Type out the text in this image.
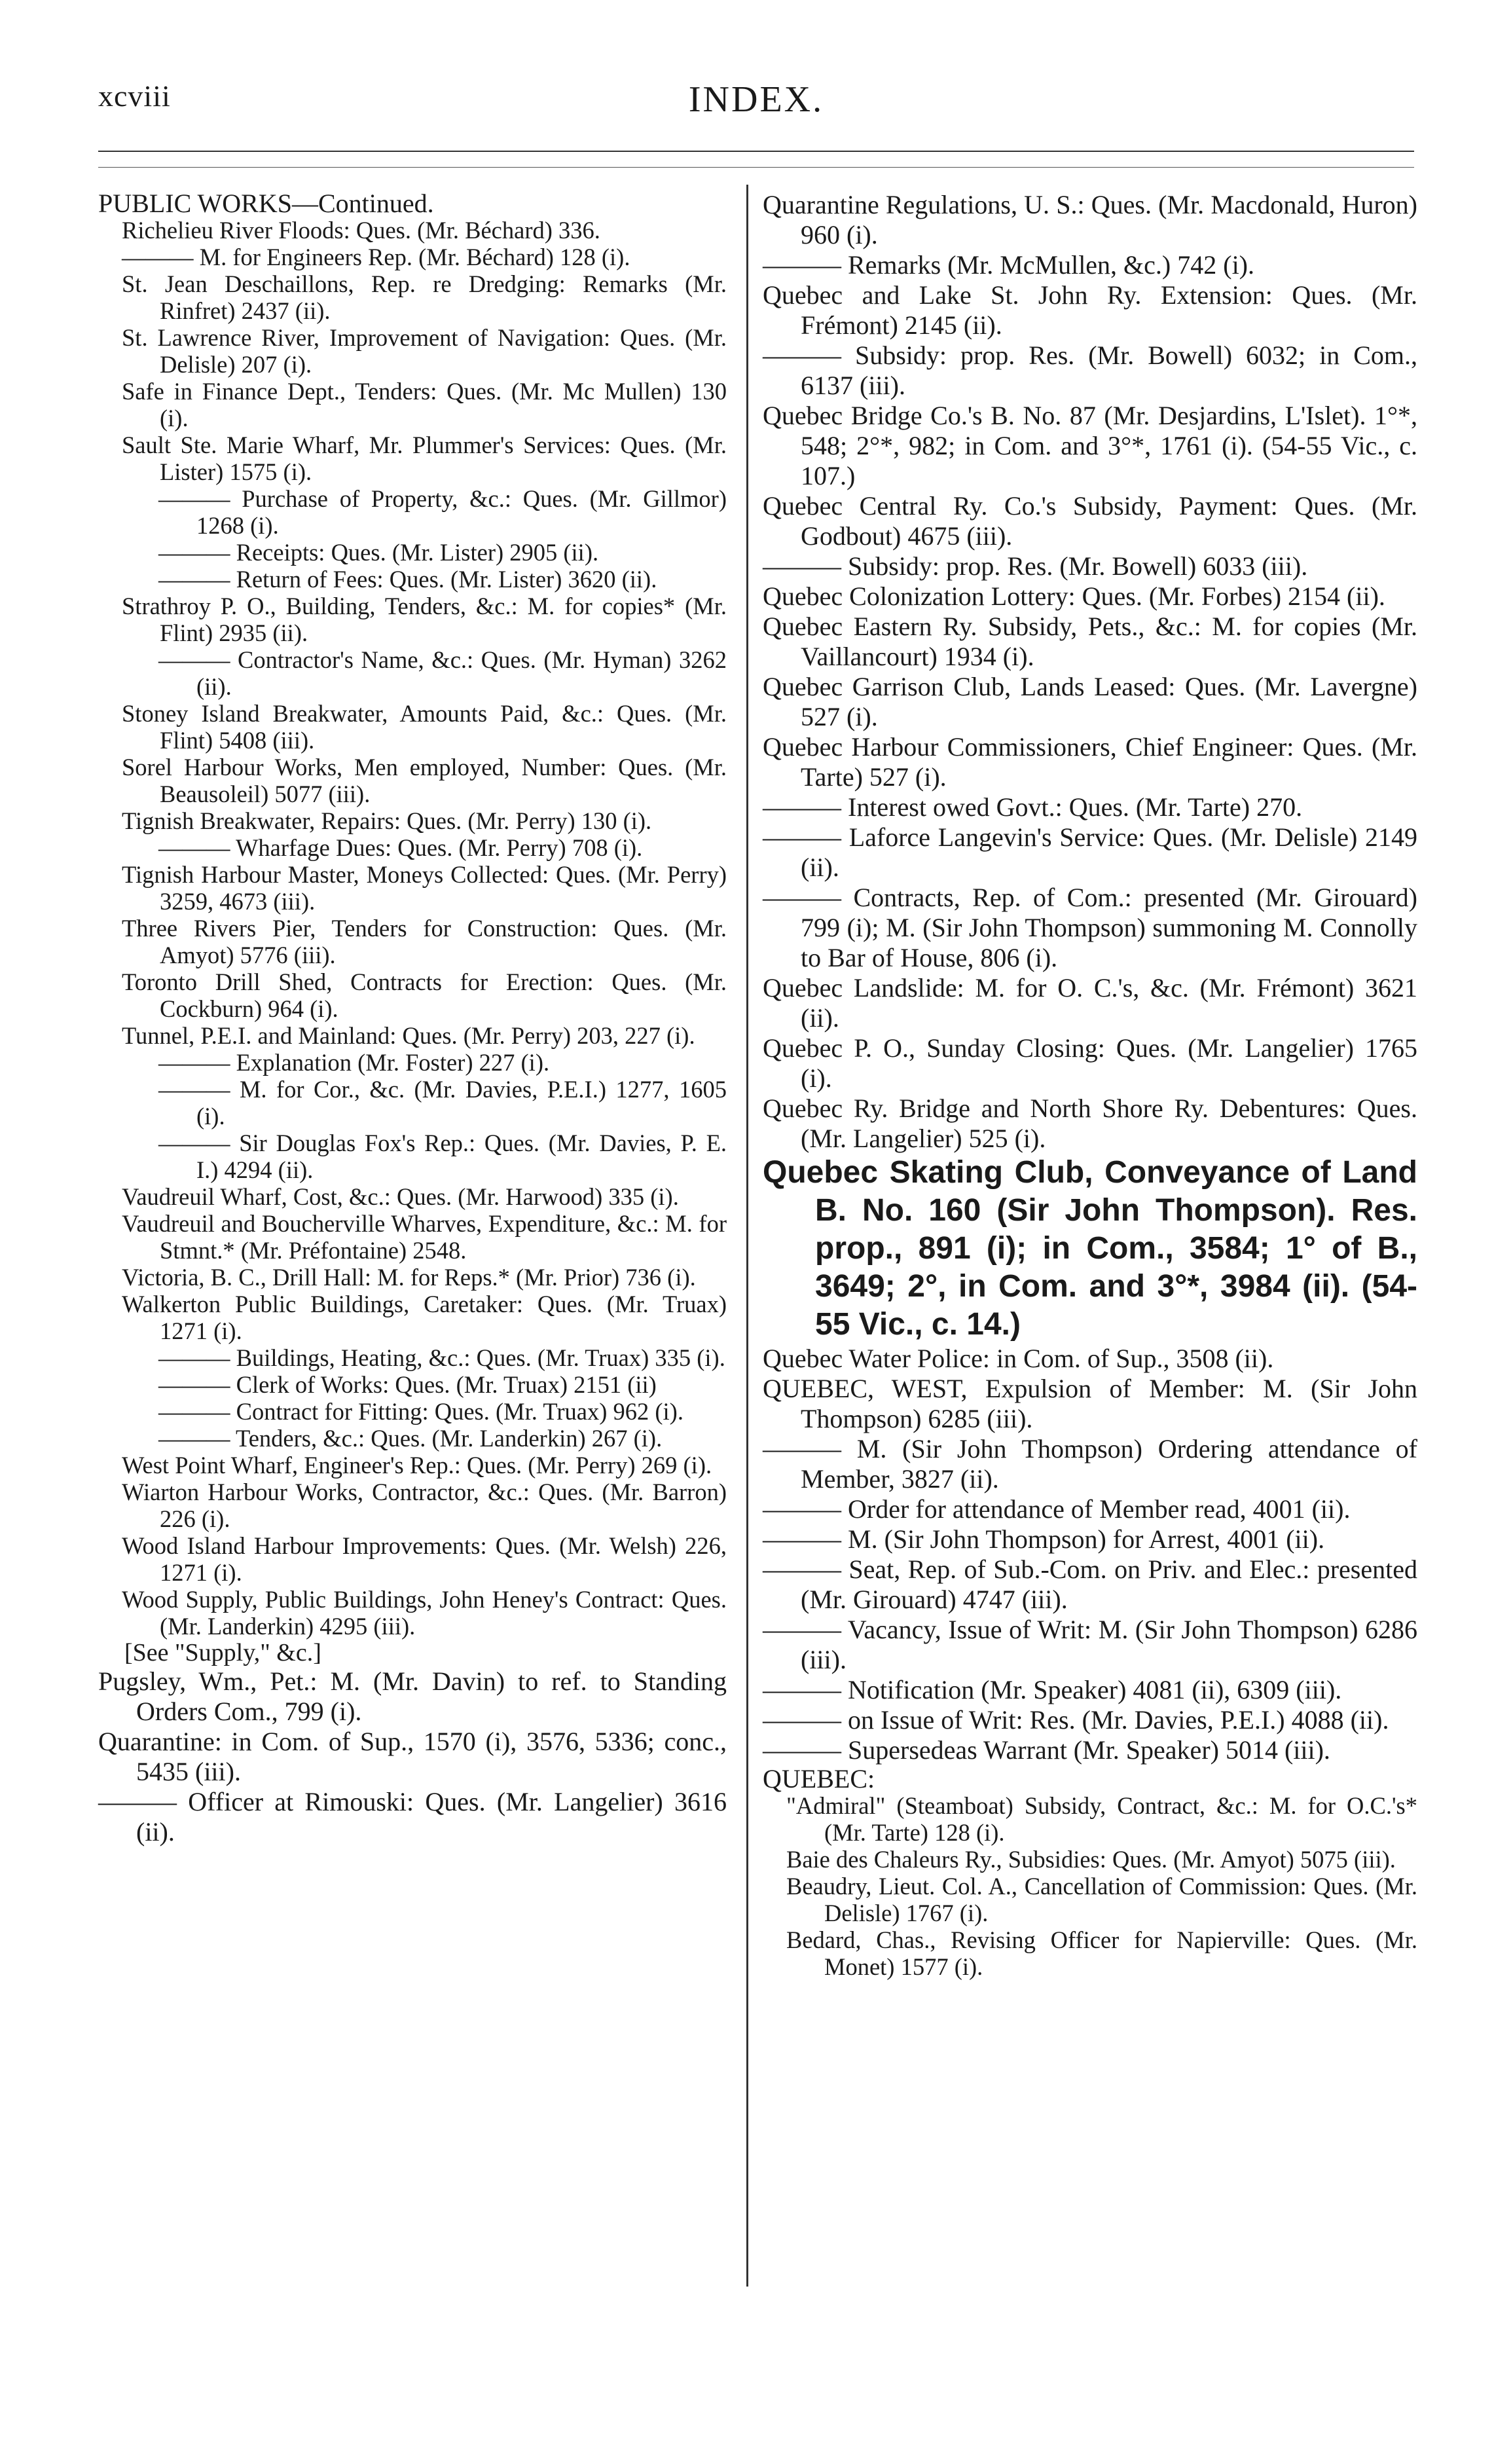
xcviii	INDEX.

PUBLIC WORKS—Continued.

Richelieu River Floods: Ques. (Mr. Béchard) 336.

——— M. for Engineers Rep. (Mr. Béchard) 128 (i).

St. Jean Deschaillons, Rep. re Dredging: Remarks (Mr. Rinfret) 2437 (ii).

St. Lawrence River, Improvement of Navigation: Ques. (Mr. Delisle) 207 (i).

Safe in Finance Dept., Tenders: Ques. (Mr. Mc Mullen) 130 (i).

Sault Ste. Marie Wharf, Mr. Plummer's Services: Ques. (Mr. Lister) 1575 (i).

——— Purchase of Property, &c.: Ques. (Mr. Gillmor) 1268 (i).

——— Receipts: Ques. (Mr. Lister) 2905 (ii).

——— Return of Fees: Ques. (Mr. Lister) 3620 (ii).

Strathroy P. O., Building, Tenders, &c.: M. for copies* (Mr. Flint) 2935 (ii).

——— Contractor's Name, &c.: Ques. (Mr. Hyman) 3262 (ii).

Stoney Island Breakwater, Amounts Paid, &c.: Ques. (Mr. Flint) 5408 (iii).

Sorel Harbour Works, Men employed, Number: Ques. (Mr. Beausoleil) 5077 (iii).

Tignish Breakwater, Repairs: Ques. (Mr. Perry) 130 (i).

——— Wharfage Dues: Ques. (Mr. Perry) 708 (i).

Tignish Harbour Master, Moneys Collected: Ques. (Mr. Perry) 3259, 4673 (iii).

Three Rivers Pier, Tenders for Construction: Ques. (Mr. Amyot) 5776 (iii).

Toronto Drill Shed, Contracts for Erection: Ques. (Mr. Cockburn) 964 (i).

Tunnel, P.E.I. and Mainland: Ques. (Mr. Perry) 203, 227 (i).

——— Explanation (Mr. Foster) 227 (i).

——— M. for Cor., &c. (Mr. Davies, P.E.I.) 1277, 1605 (i).

——— Sir Douglas Fox's Rep.: Ques. (Mr. Davies, P. E. I.) 4294 (ii).

Vaudreuil Wharf, Cost, &c.: Ques. (Mr. Harwood) 335 (i).

Vaudreuil and Boucherville Wharves, Expenditure, &c.: M. for Stmnt.* (Mr. Préfontaine) 2548.

Victoria, B. C., Drill Hall: M. for Reps.* (Mr. Prior) 736 (i).

Walkerton Public Buildings, Caretaker: Ques. (Mr. Truax) 1271 (i).

——— Buildings, Heating, &c.: Ques. (Mr. Truax) 335 (i).

——— Clerk of Works: Ques. (Mr. Truax) 2151 (ii)

——— Contract for Fitting: Ques. (Mr. Truax) 962 (i).

——— Tenders, &c.: Ques. (Mr. Landerkin) 267 (i).

West Point Wharf, Engineer's Rep.: Ques. (Mr. Perry) 269 (i).

Wiarton Harbour Works, Contractor, &c.: Ques. (Mr. Barron) 226 (i).

Wood Island Harbour Improvements: Ques. (Mr. Welsh) 226, 1271 (i).

Wood Supply, Public Buildings, John Heney's Contract: Ques. (Mr. Landerkin) 4295 (iii).

[See "Supply," &c.]

Pugsley, Wm., Pet.: M. (Mr. Davin) to ref. to Standing Orders Com., 799 (i).

Quarantine: in Com. of Sup., 1570 (i), 3576, 5336; conc., 5435 (iii).

——— Officer at Rimouski: Ques. (Mr. Langelier) 3616 (ii).

Quarantine Regulations, U. S.: Ques. (Mr. Macdonald, Huron) 960 (i).

——— Remarks (Mr. McMullen, &c.) 742 (i).

Quebec and Lake St. John Ry. Extension: Ques. (Mr. Frémont) 2145 (ii).

——— Subsidy: prop. Res. (Mr. Bowell) 6032; in Com., 6137 (iii).

Quebec Bridge Co.'s B. No. 87 (Mr. Desjardins, L'Islet). 1°*, 548; 2°*, 982; in Com. and 3°*, 1761 (i). (54-55 Vic., c. 107.)

Quebec Central Ry. Co.'s Subsidy, Payment: Ques. (Mr. Godbout) 4675 (iii).

——— Subsidy: prop. Res. (Mr. Bowell) 6033 (iii).

Quebec Colonization Lottery: Ques. (Mr. Forbes) 2154 (ii).

Quebec Eastern Ry. Subsidy, Pets., &c.: M. for copies (Mr. Vaillancourt) 1934 (i).

Quebec Garrison Club, Lands Leased: Ques. (Mr. Lavergne) 527 (i).

Quebec Harbour Commissioners, Chief Engineer: Ques. (Mr. Tarte) 527 (i).

——— Interest owed Govt.: Ques. (Mr. Tarte) 270.

——— Laforce Langevin's Service: Ques. (Mr. Delisle) 2149 (ii).

——— Contracts, Rep. of Com.: presented (Mr. Girouard) 799 (i); M. (Sir John Thompson) summoning M. Connolly to Bar of House, 806 (i).

Quebec Landslide: M. for O. C.'s, &c. (Mr. Frémont) 3621 (ii).

Quebec P. O., Sunday Closing: Ques. (Mr. Langelier) 1765 (i).

Quebec Ry. Bridge and North Shore Ry. Debentures: Ques. (Mr. Langelier) 525 (i).

Quebec Skating Club, Conveyance of Land B. No. 160 (Sir John Thompson). Res. prop., 891 (i); in Com., 3584; 1° of B., 3649; 2°, in Com. and 3°*, 3984 (ii). (54-55 Vic., c. 14.)

Quebec Water Police: in Com. of Sup., 3508 (ii).

QUEBEC, WEST, Expulsion of Member: M. (Sir John Thompson) 6285 (iii).

——— M. (Sir John Thompson) Ordering attendance of Member, 3827 (ii).

——— Order for attendance of Member read, 4001 (ii).

——— M. (Sir John Thompson) for Arrest, 4001 (ii).

——— Seat, Rep. of Sub.-Com. on Priv. and Elec.: presented (Mr. Girouard) 4747 (iii).

——— Vacancy, Issue of Writ: M. (Sir John Thompson) 6286 (iii).

——— Notification (Mr. Speaker) 4081 (ii), 6309 (iii).

——— on Issue of Writ: Res. (Mr. Davies, P.E.I.) 4088 (ii).

——— Supersedeas Warrant (Mr. Speaker) 5014 (iii).

QUEBEC:

"Admiral" (Steamboat) Subsidy, Contract, &c.: M. for O.C.'s* (Mr. Tarte) 128 (i).

Baie des Chaleurs Ry., Subsidies: Ques. (Mr. Amyot) 5075 (iii).

Beaudry, Lieut. Col. A., Cancellation of Commission: Ques. (Mr. Delisle) 1767 (i).

Bedard, Chas., Revising Officer for Napierville: Ques. (Mr. Monet) 1577 (i).
